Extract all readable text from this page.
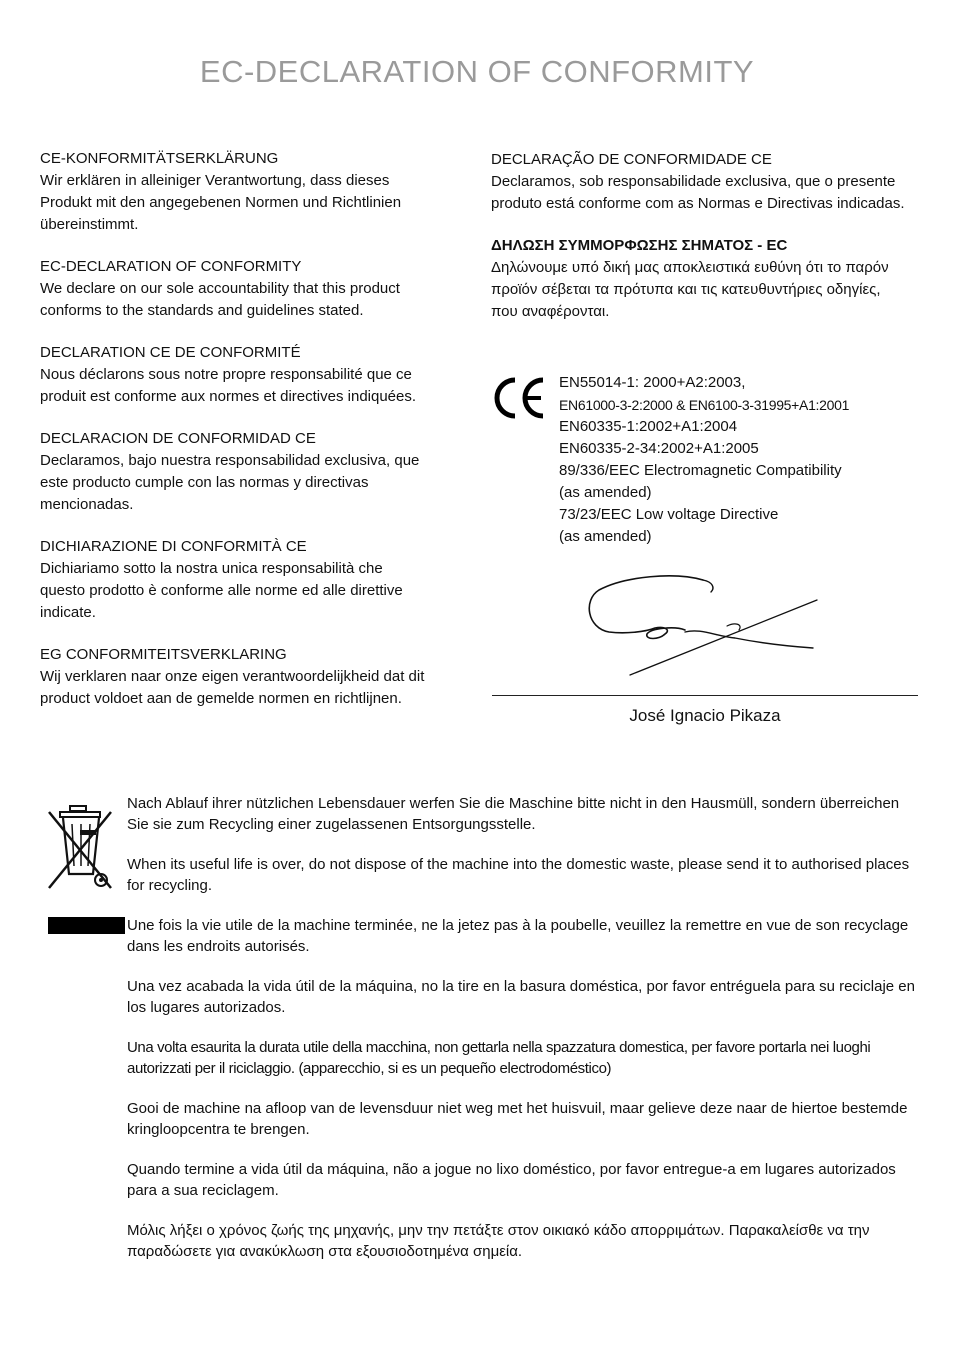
EC-DECLARATION OF CONFORMITY
CE-KONFORMITÄTSERKLÄRUNG
Wir erklären in alleiniger Verantwortung, dass dieses Produkt mit den angegebenen Normen und Richtlinien übereinstimmt.
EC-DECLARATION OF CONFORMITY
We declare on our sole accountability that this product conforms to the standards and guidelines stated.
DECLARATION CE DE CONFORMITÉ
Nous déclarons sous notre propre responsabilité que ce produit est conforme aux normes et directives indiquées.
DECLARACION DE CONFORMIDAD CE
Declaramos, bajo nuestra responsabilidad exclusiva, que este producto cumple con las normas y directivas mencionadas.
DICHIARAZIONE DI CONFORMITÀ CE
Dichiariamo sotto la nostra unica responsabilità che questo prodotto è conforme alle norme ed alle direttive indicate.
EG CONFORMITEITSVERKLARING
Wij verklaren naar onze eigen verantwoordelijkheid dat dit product voldoet aan de gemelde normen en richtlijnen.
DECLARAÇÃO DE CONFORMIDADE CE
Declaramos, sob responsabilidade exclusiva, que o presente produto está conforme com as Normas e Directivas indicadas.
ΔΗΛΩΣΗ ΣΥΜΜΟΡΦΩΣΗΣ ΣΗΜΑΤΟΣ - EC
Δηλώνουμε υπό δική μας αποκλειστικά ευθύνη ότι το παρόν προϊόν σέβεται τα πρότυπα και τις κατευθυντήριες οδηγίες, που αναφέρονται.
EN55014-1: 2000+A2:2003,
EN61000-3-2:2000 & EN6100-3-31995+A1:2001
EN60335-1:2002+A1:2004
EN60335-2-34:2002+A1:2005
89/336/EEC Electromagnetic Compatibility
(as amended)
73/23/EEC Low voltage Directive
(as amended)
José Ignacio Pikaza

Nach Ablauf ihrer nützlichen Lebensdauer werfen Sie die Maschine bitte nicht in den Hausmüll, sondern überreichen Sie sie zum Recycling einer zugelassenen Entsorgungsstelle.

When its useful life is over, do not dispose of the machine into the domestic waste, please send it to authorised places for recycling.

Une fois la vie utile de la machine terminée, ne la jetez pas à la poubelle, veuillez la remettre en vue de son recyclage dans les endroits autorisés.

Una vez acabada la vida útil de la máquina, no la tire en la basura doméstica, por favor entréguela para su reciclaje en los lugares autorizados.

Una volta esaurita la durata utile della macchina, non gettarla nella spazzatura domestica, per favore portarla nei luoghi autorizzati per il riciclaggio. (apparecchio, si es un pequeño electrodoméstico)

Gooi de machine na afloop van de levensduur niet weg met het huisvuil, maar gelieve deze naar de hiertoe bestemde kringloopcentra te brengen.

Quando termine a vida útil da máquina, não a jogue no lixo doméstico, por favor entregue-a em lugares autorizados para a sua reciclagem.

Μόλις λήξει ο χρόνος ζωής της μηχανής, μην την πετάξτε στον οικιακό κάδο απορριμάτων. Παρακαλείσθε να την παραδώσετε για ανακύκλωση στα εξουσιοδοτημένα σημεία.
